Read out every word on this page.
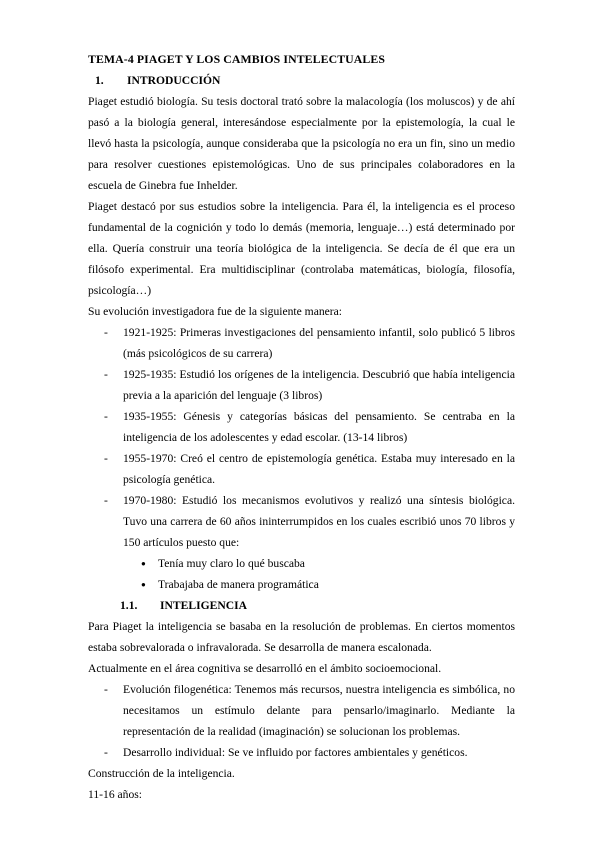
TEMA-4 PIAGET Y LOS CAMBIOS INTELECTUALES
1.	INTRODUCCIÓN

Piaget estudió biología. Su tesis doctoral trató sobre la malacología (los moluscos) y de ahí pasó a la biología general, interesándose especialmente por la epistemología, la cual le llevó hasta la psicología, aunque consideraba que la psicología no era un fin, sino un medio para resolver cuestiones epistemológicas. Uno de sus principales colaboradores en la escuela de Ginebra fue Inhelder.

Piaget destacó por sus estudios sobre la inteligencia. Para él, la inteligencia es el proceso fundamental de la cognición y todo lo demás (memoria, lenguaje…) está determinado por ella. Quería construir una teoría biológica de la inteligencia. Se decía de él que era un filósofo experimental. Era multidisciplinar (controlaba matemáticas, biología, filosofía, psicología…)

Su evolución investigadora fue de la siguiente manera:

- 1921-1925: Primeras investigaciones del pensamiento infantil, solo publicó 5 libros (más psicológicos de su carrera)
- 1925-1935: Estudió los orígenes de la inteligencia. Descubrió que había inteligencia previa a la aparición del lenguaje (3 libros)
- 1935-1955: Génesis y categorías básicas del pensamiento. Se centraba en la inteligencia de los adolescentes y edad escolar. (13-14 libros)
- 1955-1970: Creó el centro de epistemología genética. Estaba muy interesado en la psicología genética.
- 1970-1980: Estudió los mecanismos evolutivos y realizó una síntesis biológica. Tuvo una carrera de 60 años ininterrumpidos en los cuales escribió unos 70 libros y 150 artículos puesto que:
● Tenía muy claro lo qué buscaba
● Trabajaba de manera programática
1.1.	INTELIGENCIA

Para Piaget la inteligencia se basaba en la resolución de problemas. En ciertos momentos estaba sobrevalorada o infravalorada. Se desarrolla de manera escalonada.

Actualmente en el área cognitiva se desarrolló en el ámbito socioemocional.

- Evolución filogenética: Tenemos más recursos, nuestra inteligencia es simbólica, no necesitamos un estímulo delante para pensarlo/imaginarlo. Mediante la representación de la realidad (imaginación) se solucionan los problemas.
- Desarrollo individual: Se ve influido por factores ambientales y genéticos.

Construcción de la inteligencia.

11-16 años:
